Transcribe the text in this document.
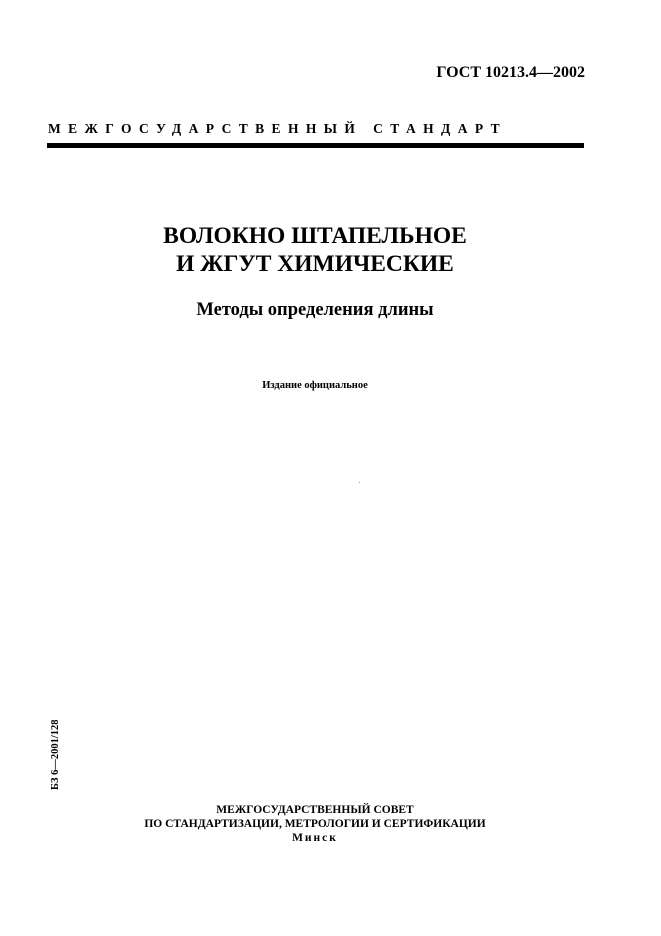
ГОСТ 10213.4—2002
МЕЖГОСУДАРСТВЕННЫЙ СТАНДАРТ
ВОЛОКНО ШТАПЕЛЬНОЕ
И ЖГУТ ХИМИЧЕСКИЕ
Методы определения длины
Издание официальное
БЗ 6—2001/128
МЕЖГОСУДАРСТВЕННЫЙ СОВЕТ
ПО СТАНДАРТИЗАЦИИ, МЕТРОЛОГИИ И СЕРТИФИКАЦИИ
Минск
